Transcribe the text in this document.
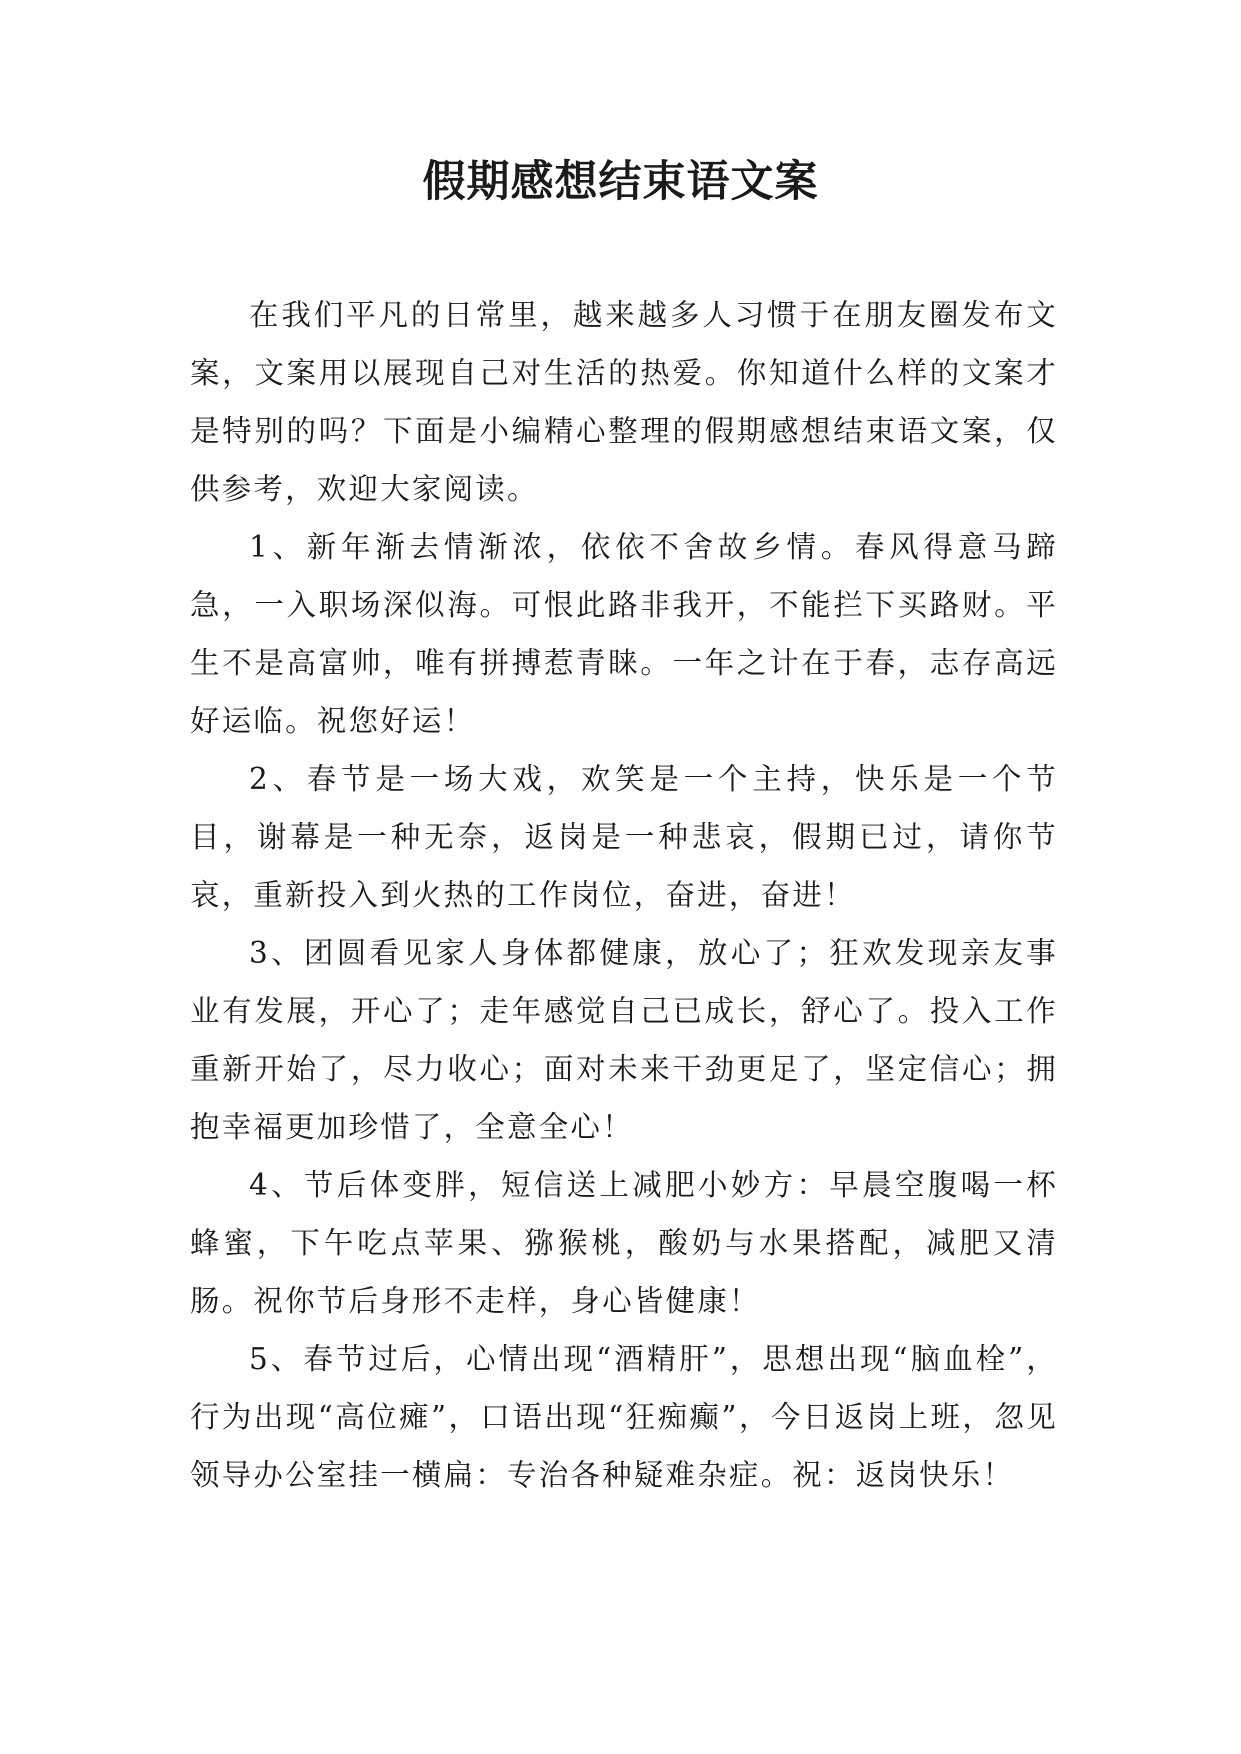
假期感想结束语文案

在我们平凡的日常里，越来越多人习惯于在朋友圈发布文案，文案用以展现自己对生活的热爱。你知道什么样的文案才是特别的吗？下面是小编精心整理的假期感想结束语文案，仅供参考，欢迎大家阅读。

1、新年渐去情渐浓，依依不舍故乡情。春风得意马蹄急，一入职场深似海。可恨此路非我开，不能拦下买路财。平生不是高富帅，唯有拼搏惹青睐。一年之计在于春，志存高远好运临。祝您好运！

2、春节是一场大戏，欢笑是一个主持，快乐是一个节目，谢幕是一种无奈，返岗是一种悲哀，假期已过，请你节哀，重新投入到火热的工作岗位，奋进，奋进！

3、团圆看见家人身体都健康，放心了；狂欢发现亲友事业有发展，开心了；走年感觉自己已成长，舒心了。投入工作重新开始了，尽力收心；面对未来干劲更足了，坚定信心；拥抱幸福更加珍惜了，全意全心！

4、节后体变胖，短信送上减肥小妙方：早晨空腹喝一杯蜂蜜，下午吃点苹果、猕猴桃，酸奶与水果搭配，减肥又清肠。祝你节后身形不走样，身心皆健康！

5、春节过后，心情出现“酒精肝”，思想出现“脑血栓”，行为出现“高位瘫”，口语出现“狂痴癫”，今日返岗上班，忽见领导办公室挂一横扁：专治各种疑难杂症。祝：返岗快乐！
